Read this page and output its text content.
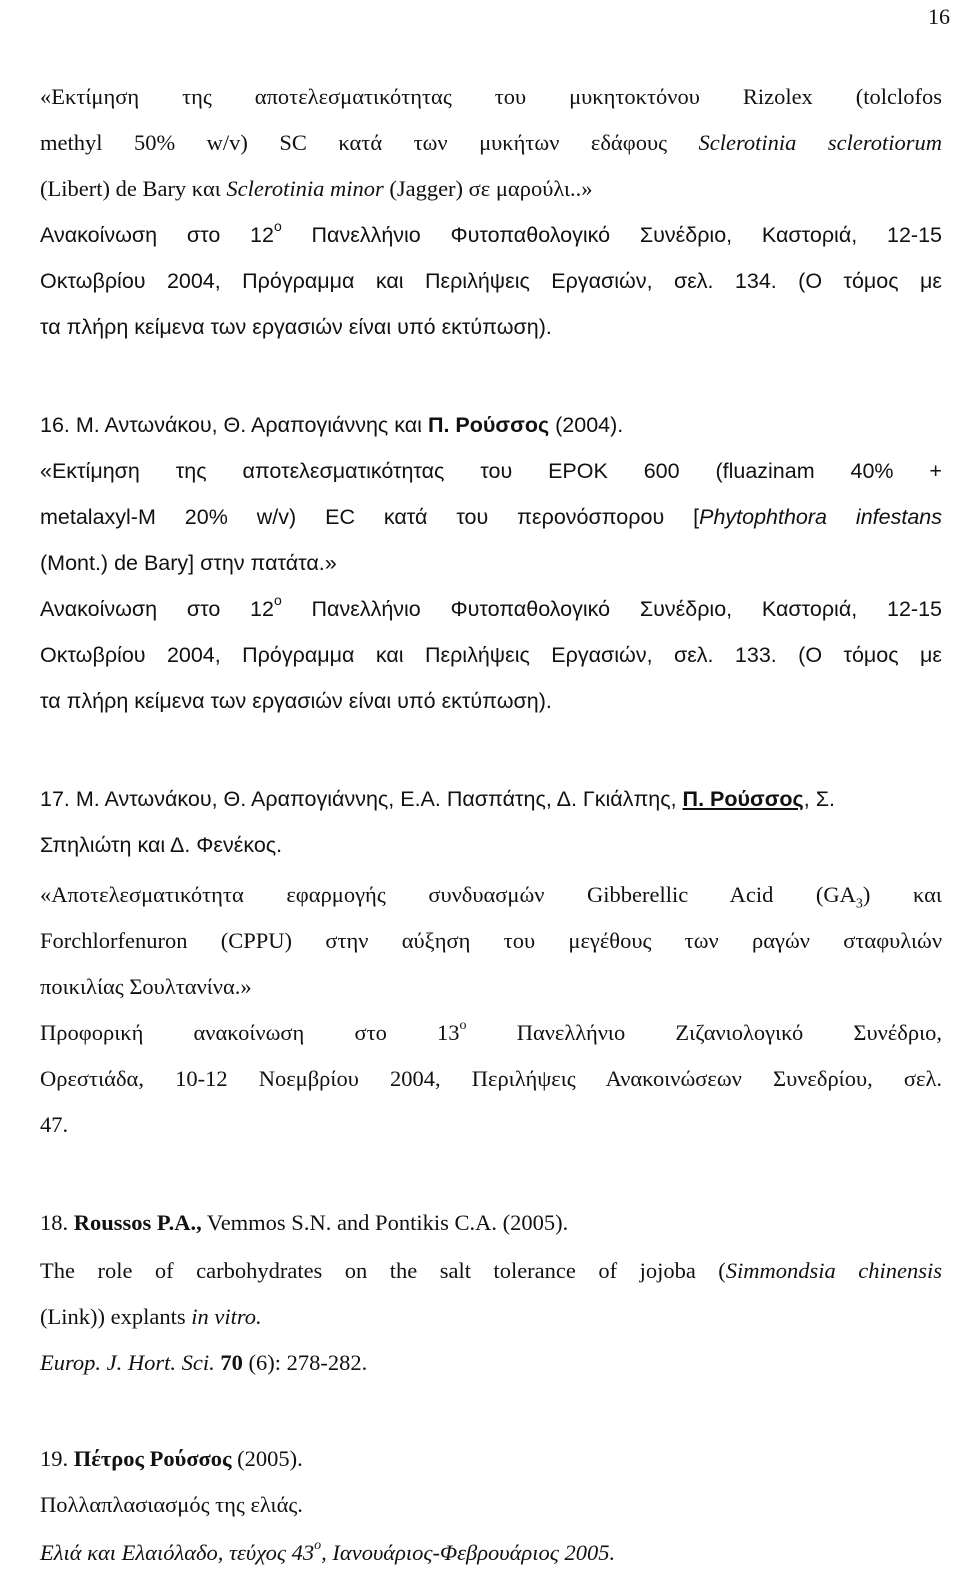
16
«Εκτίμηση της αποτελεσματικότητας του μυκητοκτόνου Rizolex (tolclofos
methyl 50% w/v) SC κατά των μυκήτων εδάφους Sclerotinia sclerotiorum
(Libert) de Bary και Sclerotinia minor (Jagger) σε μαρούλι..»
Ανακοίνωση στο $12^o$ Πανελλήνιο Φυτοπαθολογικό Συνέδριο, Καστοριά, 12-15
Οκτωβρίου 2004, Πρόγραμμα και Περιλήψεις Εργασιών, σελ. 134. (Ο τόμος με
τα πλήρη κείμενα των εργασιών είναι υπό εκτύπωση).
16. Μ. Αντωνάκου, Θ. Αραπογιάννης και Π. Ρούσσος (2004).
«Εκτίμηση της αποτελεσματικότητας του EPOK 600 (fluazinam 40% +
metalaxyl-M 20% w/v) EC κατά του περονόσπορου [Phytophthora infestans
(Mont.) de Bary] στην πατάτα.»
Ανακοίνωση στο $12^o$ Πανελλήνιο Φυτοπαθολογικό Συνέδριο, Καστοριά, 12-15
Οκτωβρίου 2004, Πρόγραμμα και Περιλήψεις Εργασιών, σελ. 133. (Ο τόμος με
τα πλήρη κείμενα των εργασιών είναι υπό εκτύπωση).
17. Μ. Αντωνάκου, Θ. Αραπογιάννης, Ε.Α. Πασπάτης, Δ. Γκιάλπης, Π. Ρούσσος, Σ.
Σπηλιώτη και Δ. Φενέκος.
«Αποτελεσματικότητα εφαρμογής συνδυασμών Gibberellic Acid $(GA_3)$ και
Forchlorfenuron (CPPU) στην αύξηση του μεγέθους των ραγών σταφυλιών
ποικιλίας Σουλτανίνα.»
Προφορική ανακοίνωση στο $13^o$ Πανελλήνιο Ζιζανιολογικό Συνέδριο,
Ορεστιάδα, 10-12 Νοεμβρίου 2004, Περιλήψεις Ανακοινώσεων Συνεδρίου, σελ.
47.
18. Roussos P.A., Vemmos S.N. and Pontikis C.A. (2005).
The role of carbohydrates on the salt tolerance of jojoba (Simmondsia chinensis
(Link)) explants in vitro.
Europ. J. Hort. Sci. 70 (6): 278-282.
19. Πέτρος Ρούσσος (2005).
Πολλαπλασιασμός της ελιάς.
Ελιά και Ελαιόλαδο, τεύχος $43^o$, Ιανουάριος-Φεβρουάριος 2005.
